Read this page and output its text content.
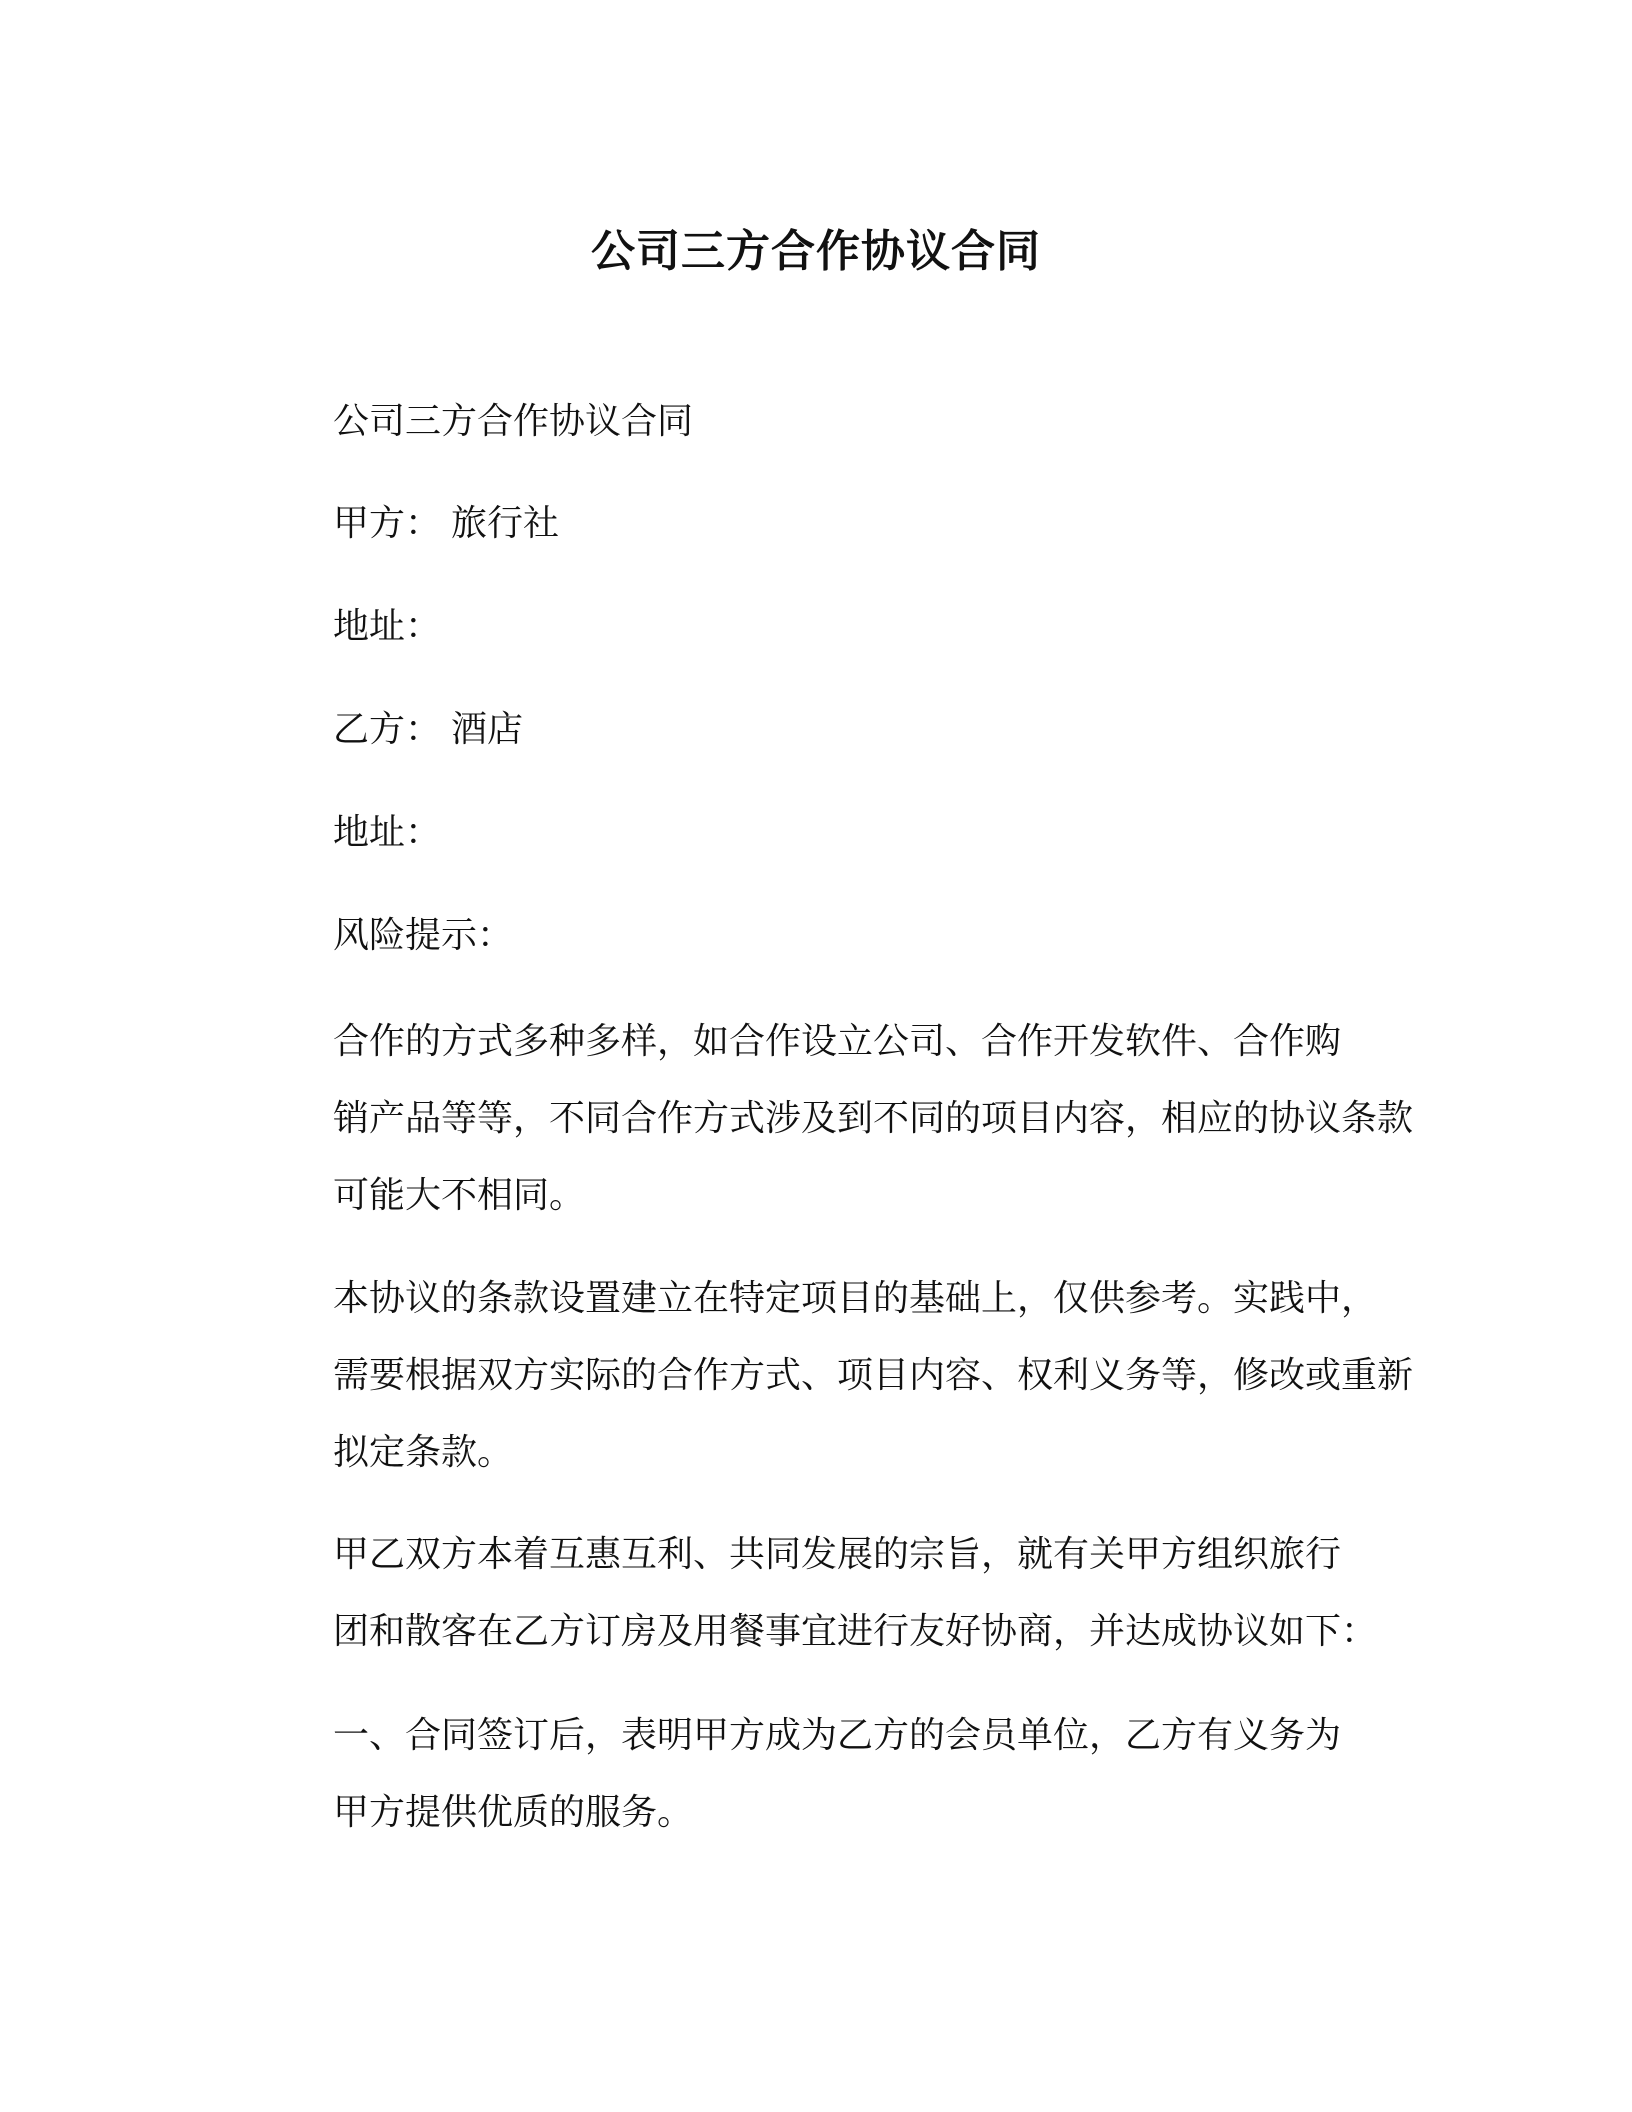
公司三方合作协议合同
公司三方合作协议合同
甲方： 旅行社
地址：
乙方： 酒店
地址：
风险提示：
合作的方式多种多样，如合作设立公司、合作开发软件、合作购
销产品等等，不同合作方式涉及到不同的项目内容，相应的协议条款
可能大不相同。
本协议的条款设置建立在特定项目的基础上，仅供参考。实践中，
需要根据双方实际的合作方式、项目内容、权利义务等，修改或重新
拟定条款。
甲乙双方本着互惠互利、共同发展的宗旨，就有关甲方组织旅行
团和散客在乙方订房及用餐事宜进行友好协商，并达成协议如下：
一、合同签订后，表明甲方成为乙方的会员单位，乙方有义务为
甲方提供优质的服务。
